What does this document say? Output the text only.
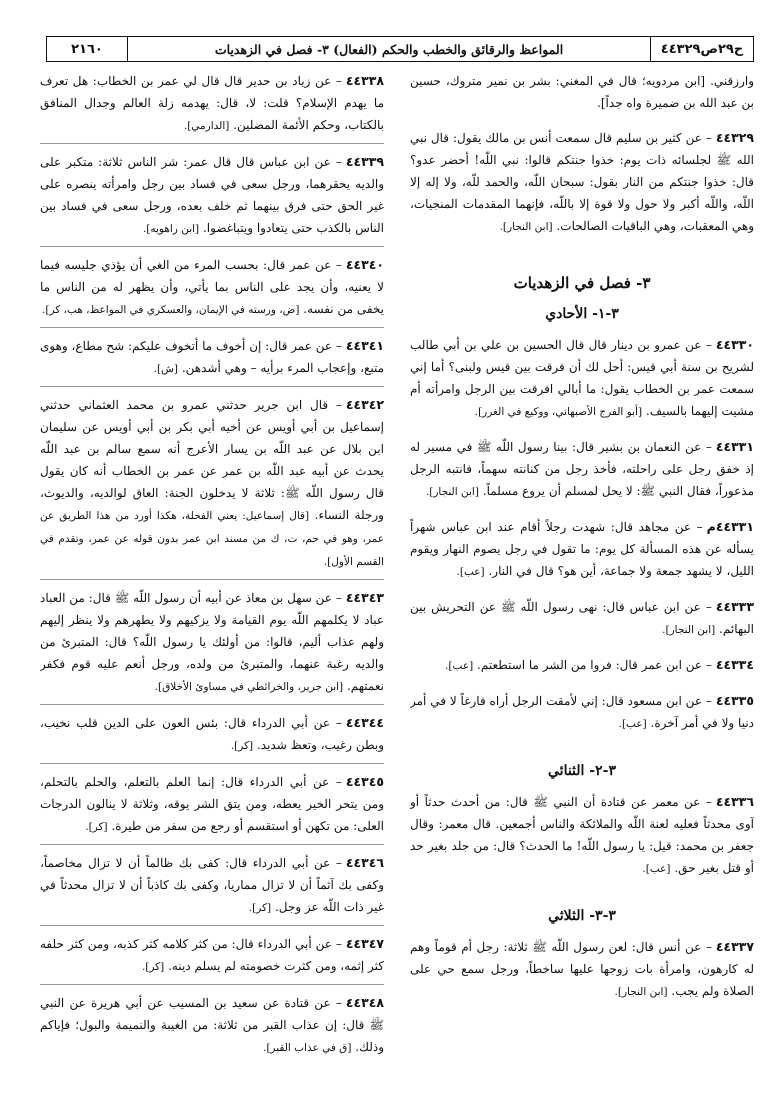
ح٢٩ص٤٤٣٢٩
المواعظ والرقائق والخطب والحكم (الفعال) ٣- فصل في الزهديات
٢١٦٠

وارزقني. [ابن مردويه؛ قال في المغني: بشر بن نمير متروك، حسين بن عبد الله بن ضميرة واه جداً].

٤٤٣٢٩– عن كثير بن سليم قال سمعت أنس بن مالك يقول: قال نبي الله ﷺ لجلسائه ذات يوم: خذوا جنتكم قالوا: نبي اللّه! أحضر عدو؟ قال: خذوا جنتكم من النار بقول: سبحان اللّه، والحمد للّه، ولا إله إلا اللّه، واللّه أكبر ولا حول ولا قوة إلا باللّه، فإنهما المقدمات المنجيات، وهي المعقبات، وهي الباقيات الصالحات. [ابن النجار].

٣- فصل في الزهديات
٣-١- الأحادي

٤٤٣٣٠– عن عمرو بن دينار قال قال الحسين بن علي بن أبي طالب لشريح بن سنة أبي قيس: أحل لك أن فرقت بين قيس ولبنى؟ أما إني سمعت عمر بن الخطاب يقول: ما أبالي افرقت بين الرجل وامرأته أم مشيت إليهما بالسيف. [أبو الفرج الأصبهاني، ووكيع في الغرر].

٤٤٣٣١– عن النعمان بن بشير قال: بينا رسول اللّه ﷺ في مسير له إذ خفق رجل على راحلته، فأخذ رجل من كنانته سهماً، فانتبه الرجل مذعوراً، فقال النبي ﷺ: لا يحل لمسلم أن يروع مسلماً. [ابن النجار].

٤٤٣٣١م– عن مجاهد قال: شهدت رجلاً أقام عند ابن عباس شهراً يسأله عن هذه المسألة كل يوم: ما تقول في رجل يصوم النهار ويقوم الليل، لا يشهد جمعة ولا جماعة، أين هو؟ قال في النار. [عب].

٤٤٣٣٣– عن ابن عباس قال: نهى رسول اللّه ﷺ عن التحريش بين البهائم. [ابن النجار].

٤٤٣٣٤– عن ابن عمر قال: فروا من الشر ما استطعتم. [عب].

٤٤٣٣٥– عن ابن مسعود قال: إني لأمقت الرجل أراه فارغاً لا في أمر دنيا ولا في أمر آخرة. [عب].

٣-٢- الثنائي

٤٤٣٣٦– عن معمر عن قتادة أن النبي ﷺ قال: من أحدث حدثاً أو آوى محدثاً فعليه لعنة اللّه والملائكة والناس أجمعين. قال معمر: وقال جعفر بن محمد: قيل: يا رسول اللّه! ما الحدث؟ قال: من جلد بغير حد أو قتل بغير حق. [عب].

٣-٣- الثلاثي

٤٤٣٣٧– عن أنس قال: لعن رسول اللّه ﷺ ثلاثة: رجل أم قوماً وهم له كارهون، وامرأة بات زوجها عليها ساخطاً، ورجل سمع حي على الصلاة ولم يجب. [ابن النجار].

٤٤٣٣٨– عن زياد بن حدير قال قال لي عمر بن الخطاب: هل تعرف ما يهدم الإسلام؟ قلت: لا، قال: يهدمه زلة العالم وجدال المنافق بالكتاب، وحكم الأئمة المضلين. [الدارمي].

٤٤٣٣٩– عن ابن عباس قال قال عمر: شر الناس ثلاثة: متكبر على والديه يحقرهما، ورجل سعى في فساد بين رجل وامرأته ينصره على غير الحق حتى فرق بينهما ثم خلف بعده، ورجل سعى في فساد بين الناس بالكذب حتى يتعادوا ويتباغضوا. [ابن راهويه].

٤٤٣٤٠– عن عمر قال: بحسب المرء من الغي أن يؤذي جليسه فيما لا يعنيه، وأن يجد على الناس بما يأتي، وأن يظهر له من الناس ما يخفى من نفسه. [ض، ورسته في الإيمان، والعسكري في المواعظ، هب، كر].

٤٤٣٤١– عن عمر قال: إن أخوف ما أتخوف عليكم: شح مطاع، وهوى متبع، وإعجاب المرء برأيه – وهي أشدهن. [ش].

٤٤٣٤٢– قال ابن جرير حدثني عمرو بن محمد العثماني حدثني إسماعيل بن أبي أويس عن أخيه أبي بكر بن أبي أويس عن سليمان ابن بلال عن عبد اللّه بن يسار الأعرج أنه سمع سالم بن عبد اللّه يحدث عن أبيه عبد اللّه بن عمر عن عمر بن الخطاب أنه كان يقول قال رسول اللّه ﷺ: ثلاثة لا يدخلون الجنة: العاق لوالديه، والديوث، ورجلة النساء. [قال إسماعيل: يعني الفحلة، هكذا أورد من هذا الطريق عن عمر، وهو في حم، ت، ك من مسند ابن عمر بدون قوله عن عمر، وتقدم في القسم الأول].

٤٤٣٤٣– عن سهل بن معاذ عن أبيه أن رسول اللّه ﷺ قال: من العباد عباد لا يكلمهم اللّه يوم القيامة ولا يزكيهم ولا يطهرهم ولا ينظر إليهم ولهم عذاب أليم، قالوا: من أولئك يا رسول اللّه؟ قال: المتبرئ من والديه رغبة عنهما، والمتبرئ من ولده، ورجل أنعم عليه قوم فكفر نعمتهم. [ابن جرير، والخرائطي في مساوئ الأخلاق].

٤٤٣٤٤– عن أبي الدرداء قال: بئس العون على الدين قلب نخيب، وبطن رغيب، وتعظ شديد. [كر].

٤٤٣٤٥– عن أبي الدرداء قال: إنما العلم بالتعلم، والحلم بالتحلم، ومن يتحر الخير يعطه، ومن يتق الشر يوقه، وثلاثة لا ينالون الدرجات العلى: من تكهن أو استقسم أو رجع من سفر من طيرة. [كر].

٤٤٣٤٦– عن أبي الدرداء قال: كفى بك ظالماً أن لا تزال مخاصماً، وكفى بك آثماً أن لا تزال مماريا، وكفى بك كاذباً أن لا تزال محدثاً في غير ذات اللّه عز وجل. [كر].

٤٤٣٤٧– عن أبي الدرداء قال: من كثر كلامه كثر كذبه، ومن كثر حلفه كثر إثمه، ومن كثرت خصومته لم يسلم دينه. [كر].

٤٤٣٤٨– عن قتادة عن سعيد بن المسيب عن أبي هريرة عن النبي ﷺ قال: إن عذاب القبر من ثلاثة: من الغيبة والنميمة والبول؛ فإياكم وذلك. [ق في عذاب القبر].
